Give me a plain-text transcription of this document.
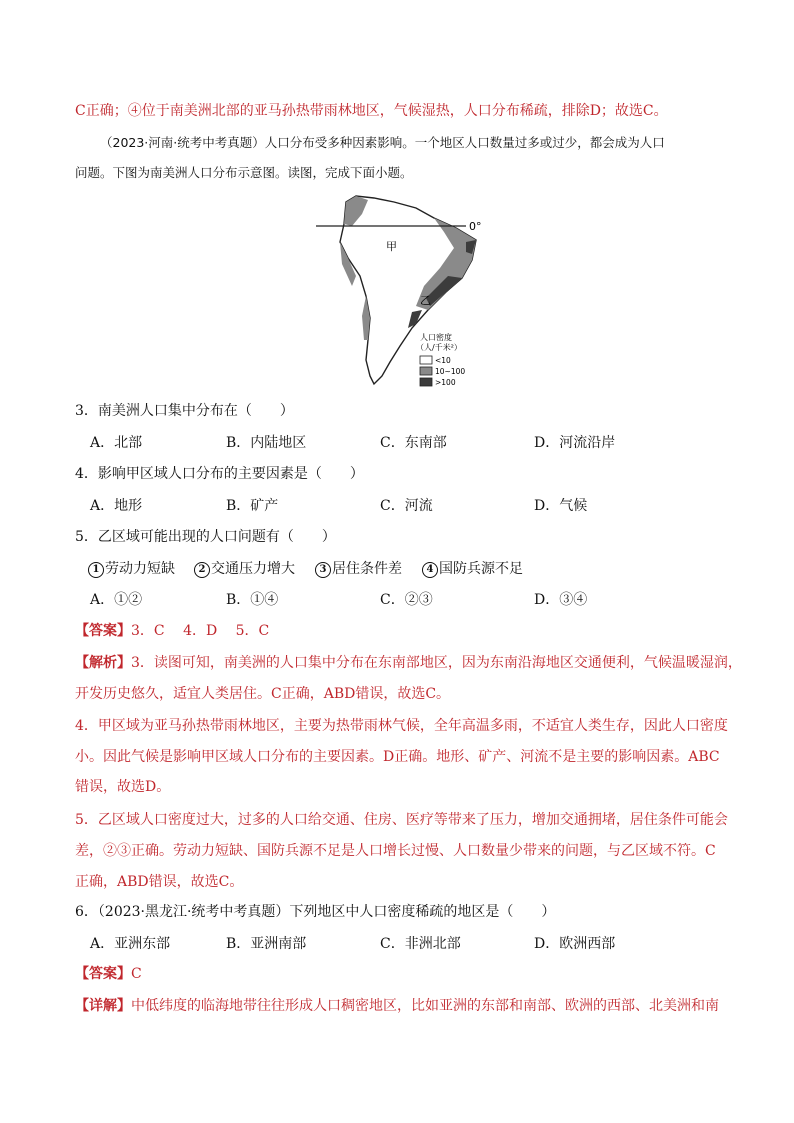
C正确；④位于南美洲北部的亚马孙热带雨林地区，气候湿热，人口分布稀疏，排除D；故选C。
（2023·河南·统考中考真题）人口分布受多种因素影响。一个地区人口数量过多或过少，都会成为人口
问题。下图为南美洲人口分布示意图。读图，完成下面小题。
0°
甲
乙
人口密度
（人/千米²）
<10
10~100
>100
3．南美洲人口集中分布在（　　）
A．北部	B．内陆地区	C．东南部	D．河流沿岸
4．影响甲区域人口分布的主要因素是（　　）
A．地形	B．矿产	C．河流	D．气候
5．乙区域可能出现的人口问题有（　　）
1 劳动力短缺	2 交通压力增大	3 居住条件差	4 国防兵源不足
A．①②	B．①④	C．②③	D．③④
【答案】3．C　 4．D　 5．C
【解析】3．读图可知，南美洲的人口集中分布在东南部地区，因为东南沿海地区交通便利，气候温暖湿润，
开发历史悠久，适宜人类居住。C正确，ABD错误，故选C。
4．甲区域为亚马孙热带雨林地区，主要为热带雨林气候，全年高温多雨，不适宜人类生存，因此人口密度
小。因此气候是影响甲区域人口分布的主要因素。D正确。地形、矿产、河流不是主要的影响因素。ABC
错误，故选D。
5．乙区域人口密度过大，过多的人口给交通、住房、医疗等带来了压力，增加交通拥堵，居住条件可能会
差，②③正确。劳动力短缺、国防兵源不足是人口增长过慢、人口数量少带来的问题，与乙区域不符。C
正确，ABD错误，故选C。
6．（2023·黑龙江·统考中考真题）下列地区中人口密度稀疏的地区是（　　）
A．亚洲东部	B．亚洲南部	C．非洲北部	D．欧洲西部
【答案】C
【详解】中低纬度的临海地带往往形成人口稠密地区，比如亚洲的东部和南部、欧洲的西部、北美洲和南
